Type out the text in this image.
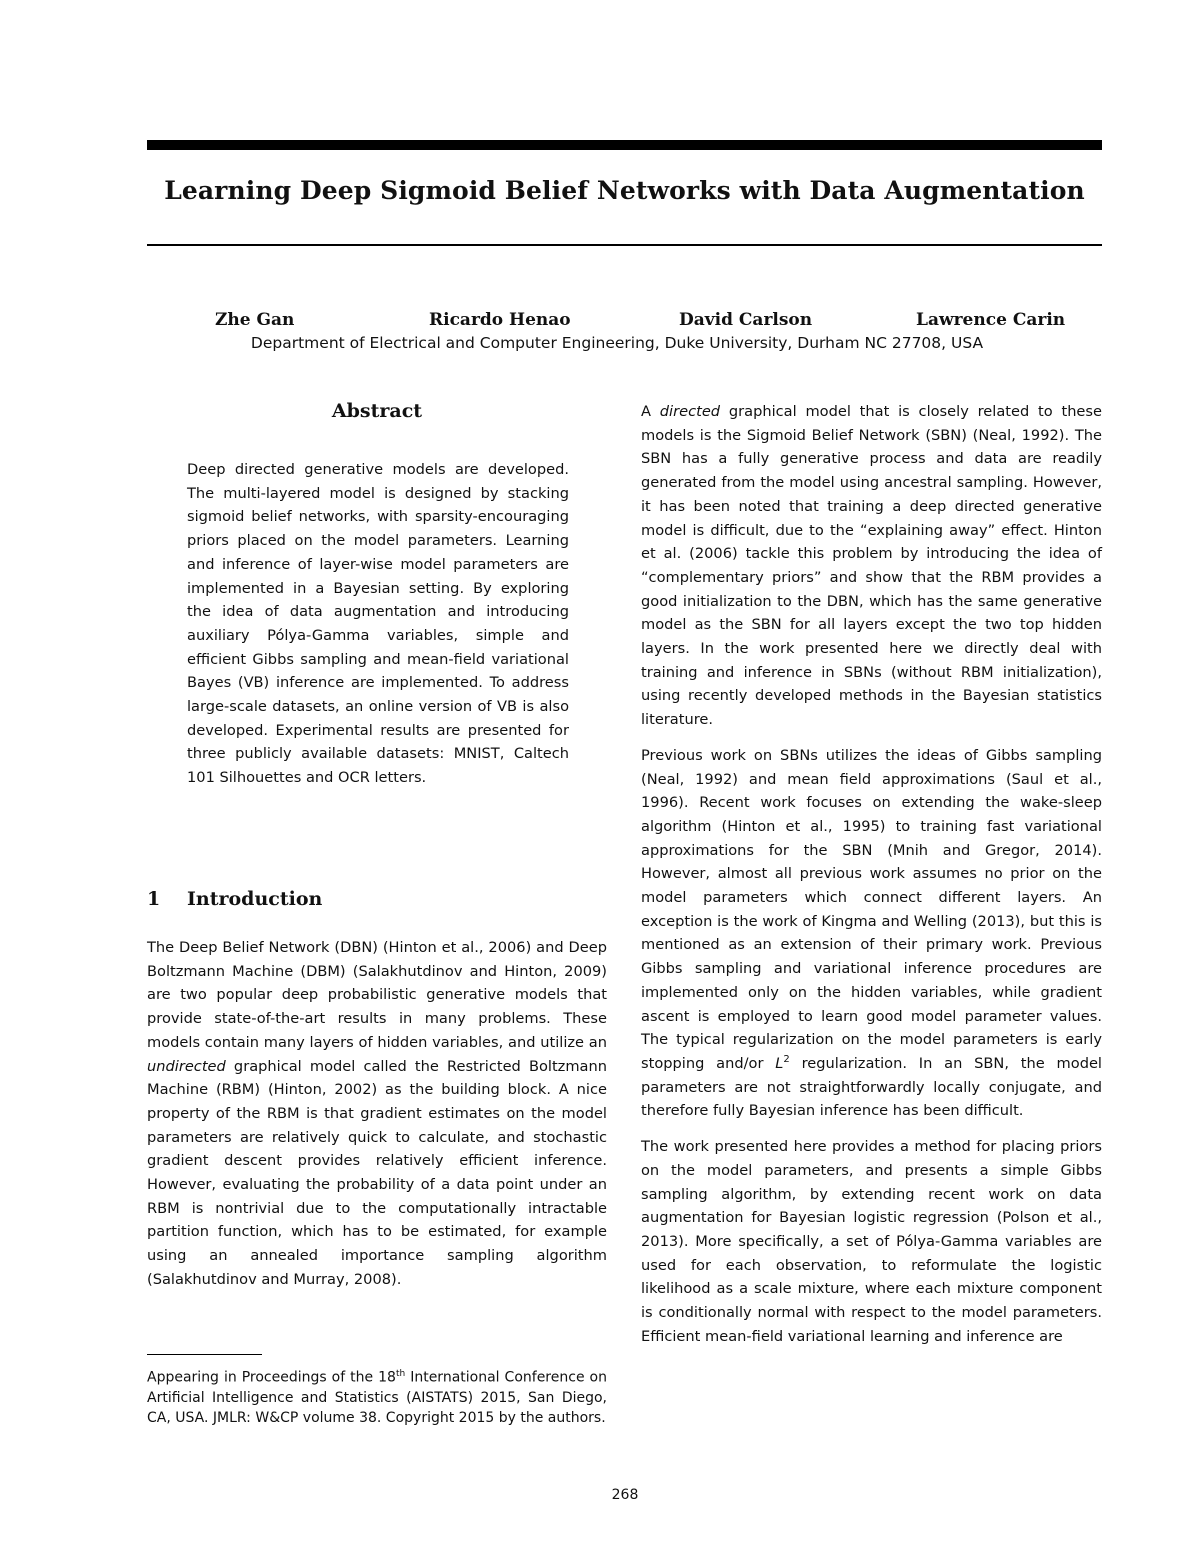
Learning Deep Sigmoid Belief Networks with Data Augmentation
Zhe Gan	Ricardo Henao	David Carlson	Lawrence Carin
Department of Electrical and Computer Engineering, Duke University, Durham NC 27708, USA
Abstract
Deep directed generative models are developed. The multi-layered model is designed by stacking sigmoid belief networks, with sparsity-encouraging priors placed on the model parameters. Learning and inference of layer-wise model parameters are implemented in a Bayesian setting. By exploring the idea of data augmentation and introducing auxiliary Pólya-Gamma variables, simple and efficient Gibbs sampling and mean-field variational Bayes (VB) inference are implemented. To address large-scale datasets, an online version of VB is also developed. Experimental results are presented for three publicly available datasets: MNIST, Caltech 101 Silhouettes and OCR letters.
1 Introduction
The Deep Belief Network (DBN) (Hinton et al., 2006) and Deep Boltzmann Machine (DBM) (Salakhutdinov and Hinton, 2009) are two popular deep probabilistic generative models that provide state-of-the-art results in many problems. These models contain many layers of hidden variables, and utilize an undirected graphical model called the Restricted Boltzmann Machine (RBM) (Hinton, 2002) as the building block. A nice property of the RBM is that gradient estimates on the model parameters are relatively quick to calculate, and stochastic gradient descent provides relatively efficient inference. However, evaluating the probability of a data point under an RBM is nontrivial due to the computationally intractable partition function, which has to be estimated, for example using an annealed importance sampling algorithm (Salakhutdinov and Murray, 2008).
Appearing in Proceedings of the 18th International Conference on Artificial Intelligence and Statistics (AISTATS) 2015, San Diego, CA, USA. JMLR: W&CP volume 38. Copyright 2015 by the authors.

A directed graphical model that is closely related to these models is the Sigmoid Belief Network (SBN) (Neal, 1992). The SBN has a fully generative process and data are readily generated from the model using ancestral sampling. However, it has been noted that training a deep directed generative model is difficult, due to the “explaining away” effect. Hinton et al. (2006) tackle this problem by introducing the idea of “complementary priors” and show that the RBM provides a good initialization to the DBN, which has the same generative model as the SBN for all layers except the two top hidden layers. In the work presented here we directly deal with training and inference in SBNs (without RBM initialization), using recently developed methods in the Bayesian statistics literature.

Previous work on SBNs utilizes the ideas of Gibbs sampling (Neal, 1992) and mean field approximations (Saul et al., 1996). Recent work focuses on extending the wake-sleep algorithm (Hinton et al., 1995) to training fast variational approximations for the SBN (Mnih and Gregor, 2014). However, almost all previous work assumes no prior on the model parameters which connect different layers. An exception is the work of Kingma and Welling (2013), but this is mentioned as an extension of their primary work. Previous Gibbs sampling and variational inference procedures are implemented only on the hidden variables, while gradient ascent is employed to learn good model parameter values. The typical regularization on the model parameters is early stopping and/or $L^2$ regularization. In an SBN, the model parameters are not straightforwardly locally conjugate, and therefore fully Bayesian inference has been difficult.

The work presented here provides a method for placing priors on the model parameters, and presents a simple Gibbs sampling algorithm, by extending recent work on data augmentation for Bayesian logistic regression (Polson et al., 2013). More specifically, a set of Pólya-Gamma variables are used for each observation, to reformulate the logistic likelihood as a scale mixture, where each mixture component is conditionally normal with respect to the model parameters. Efficient mean-field variational learning and inference are

268
